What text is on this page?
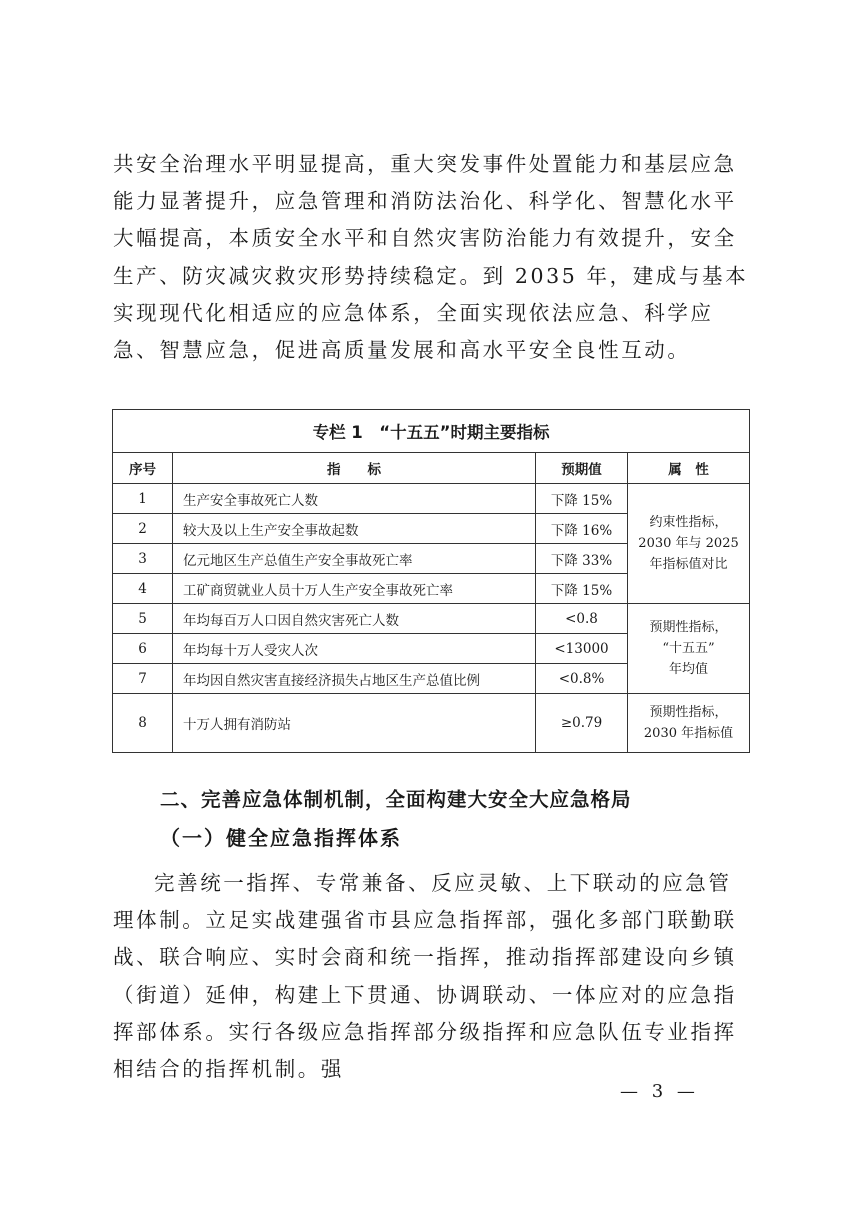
共安全治理水平明显提高，重大突发事件处置能力和基层应急能力显著提升，应急管理和消防法治化、科学化、智慧化水平大幅提高，本质安全水平和自然灾害防治能力有效提升，安全生产、防灾减灾救灾形势持续稳定。到 2035 年，建成与基本实现现代化相适应的应急体系，全面实现依法应急、科学应急、智慧应急，促进高质量发展和高水平安全良性互动。

专栏 1　“十五五”时期主要指标			
序号	指　　标	预期值	属　性
1	生产安全事故死亡人数	下降 15%	约束性指标，
2030 年与 2025
年指标值对比

2	较大及以上生产安全事故起数	下降 16%	
3	亿元地区生产总值生产安全事故死亡率	下降 33%	
4	工矿商贸就业人员十万人生产安全事故死亡率	下降 15%	
5	年均每百万人口因自然灾害死亡人数	<0.8	预期性指标，
“十五五”
年均值

6	年均每十万人受灾人次	<13000	
7	年均因自然灾害直接经济损失占地区生产总值比例	<0.8%	
8	十万人拥有消防站	≥0.79	预期性指标，
2030 年指标值
二、完善应急体制机制，全面构建大安全大应急格局
（一）健全应急指挥体系

完善统一指挥、专常兼备、反应灵敏、上下联动的应急管理体制。立足实战建强省市县应急指挥部，强化多部门联勤联战、联合响应、实时会商和统一指挥，推动指挥部建设向乡镇（街道）延伸，构建上下贯通、协调联动、一体应对的应急指挥部体系。实行各级应急指挥部分级指挥和应急队伍专业指挥相结合的指挥机制。强

— 3 —
